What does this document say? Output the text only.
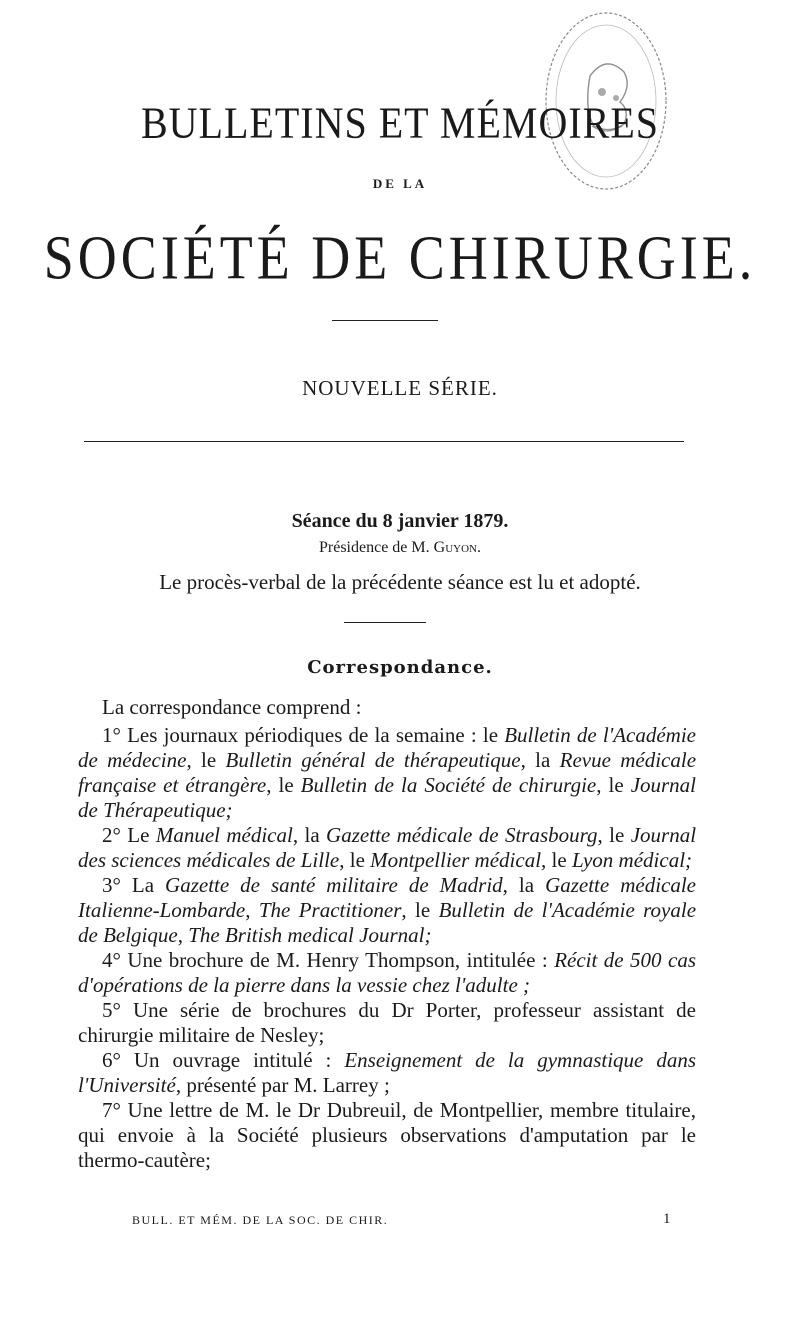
BULLETINS ET MÉMOIRES
DE LA
SOCIÉTÉ DE CHIRURGIE.
NOUVELLE SÉRIE.
Séance du 8 janvier 1879.
Présidence de M. Guyon.
Le procès-verbal de la précédente séance est lu et adopté.
Correspondance.

La correspondance comprend :

1° Les journaux périodiques de la semaine : le Bulletin de l'Académie de médecine, le Bulletin général de thérapeutique, la Revue médicale française et étrangère, le Bulletin de la Société de chirurgie, le Journal de Thérapeutique;

2° Le Manuel médical, la Gazette médicale de Strasbourg, le Journal des sciences médicales de Lille, le Montpellier médical, le Lyon médical;

3° La Gazette de santé militaire de Madrid, la Gazette médicale Italienne-Lombarde, The Practitioner, le Bulletin de l'Académie royale de Belgique, The British medical Journal;

4° Une brochure de M. Henry Thompson, intitulée : Récit de 500 cas d'opérations de la pierre dans la vessie chez l'adulte ;

5° Une série de brochures du Dr Porter, professeur assistant de chirurgie militaire de Nesley;

6° Un ouvrage intitulé : Enseignement de la gymnastique dans l'Université, présenté par M. Larrey ;

7° Une lettre de M. le Dr Dubreuil, de Montpellier, membre titulaire, qui envoie à la Société plusieurs observations d'amputation par le thermo-cautère;

BULL. ET MÉM. DE LA SOC. DE CHIR.	1
